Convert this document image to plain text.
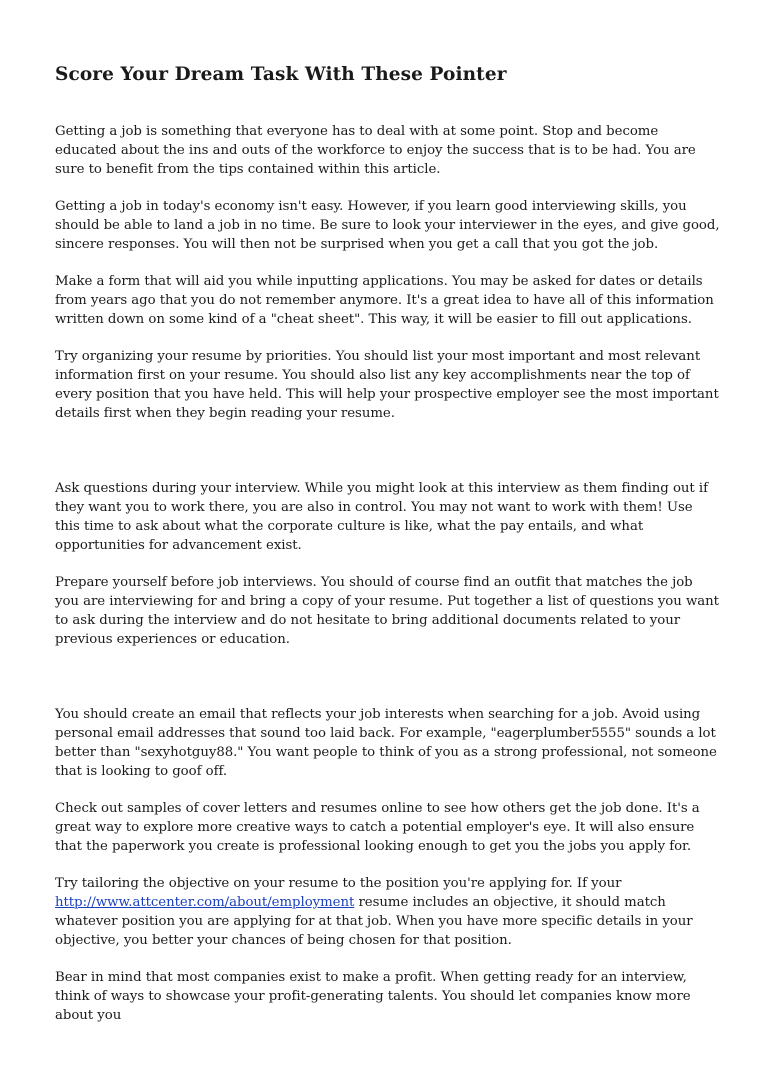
Score Your Dream Task With These Pointer

Getting a job is something that everyone has to deal with at some point. Stop and become educated about the ins and outs of the workforce to enjoy the success that is to be had. You are sure to benefit from the tips contained within this article.

Getting a job in today's economy isn't easy. However, if you learn good interviewing skills, you should be able to land a job in no time. Be sure to look your interviewer in the eyes, and give good, sincere responses. You will then not be surprised when you get a call that you got the job.

Make a form that will aid you while inputting applications. You may be asked for dates or details from years ago that you do not remember anymore. It's a great idea to have all of this information written down on some kind of a "cheat sheet". This way, it will be easier to fill out applications.

Try organizing your resume by priorities. You should list your most important and most relevant information first on your resume. You should also list any key accomplishments near the top of every position that you have held. This will help your prospective employer see the most important details first when they begin reading your resume.

Ask questions during your interview. While you might look at this interview as them finding out if they want you to work there, you are also in control. You may not want to work with them! Use this time to ask about what the corporate culture is like, what the pay entails, and what opportunities for advancement exist.

Prepare yourself before job interviews. You should of course find an outfit that matches the job you are interviewing for and bring a copy of your resume. Put together a list of questions you want to ask during the interview and do not hesitate to bring additional documents related to your previous experiences or education.

You should create an email that reflects your job interests when searching for a job. Avoid using personal email addresses that sound too laid back. For example, "eagerplumber5555" sounds a lot better than "sexyhotguy88." You want people to think of you as a strong professional, not someone that is looking to goof off.

Check out samples of cover letters and resumes online to see how others get the job done. It's a great way to explore more creative ways to catch a potential employer's eye. It will also ensure that the paperwork you create is professional looking enough to get you the jobs you apply for.

Try tailoring the objective on your resume to the position you're applying for. If your http://www.attcenter.com/about/employment resume includes an objective, it should match whatever position you are applying for at that job. When you have more specific details in your objective, you better your chances of being chosen for that position.

Bear in mind that most companies exist to make a profit. When getting ready for an interview, think of ways to showcase your profit-generating talents. You should let companies know more about you
